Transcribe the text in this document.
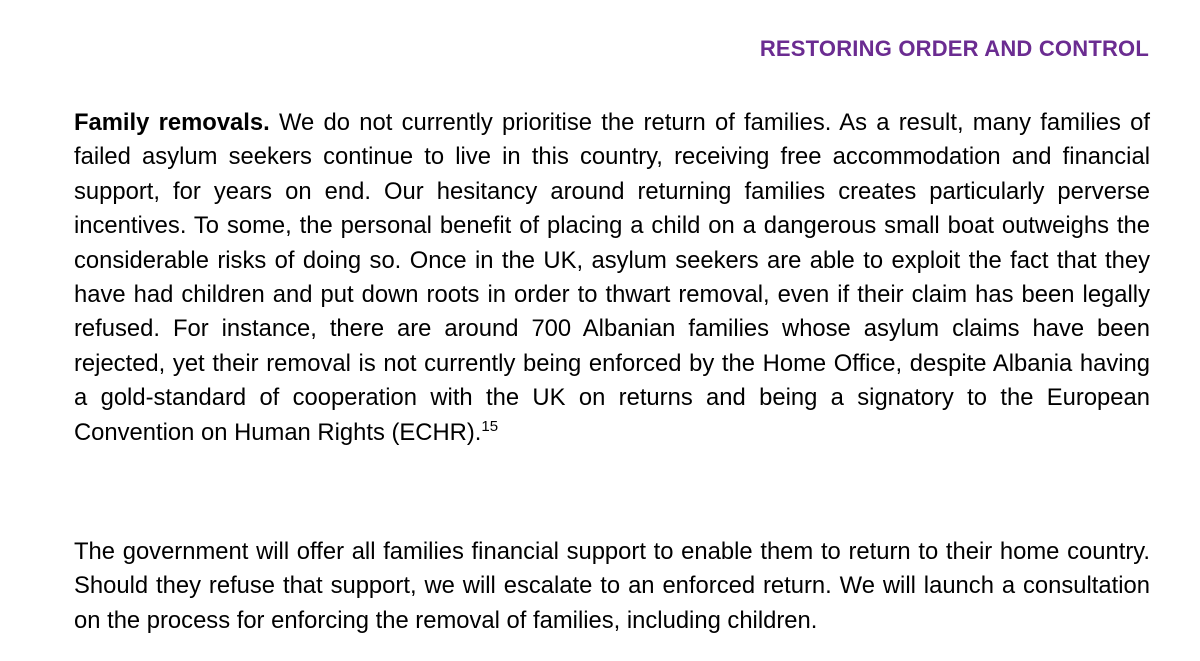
RESTORING ORDER AND CONTROL

Family removals. We do not currently prioritise the return of families. As a result, many families of failed asylum seekers continue to live in this country, receiving free accommodation and financial support, for years on end. Our hesitancy around returning families creates particularly perverse incentives. To some, the personal benefit of placing a child on a dangerous small boat outweighs the considerable risks of doing so. Once in the UK, asylum seekers are able to exploit the fact that they have had children and put down roots in order to thwart removal, even if their claim has been legally refused. For instance, there are around 700 Albanian families whose asylum claims have been rejected, yet their removal is not currently being enforced by the Home Office, despite Albania having a gold-standard of cooperation with the UK on returns and being a signatory to the European Convention on Human Rights (ECHR).$^{15}$

The government will offer all families financial support to enable them to return to their home country. Should they refuse that support, we will escalate to an enforced return. We will launch a consultation on the process for enforcing the removal of families, including children.
